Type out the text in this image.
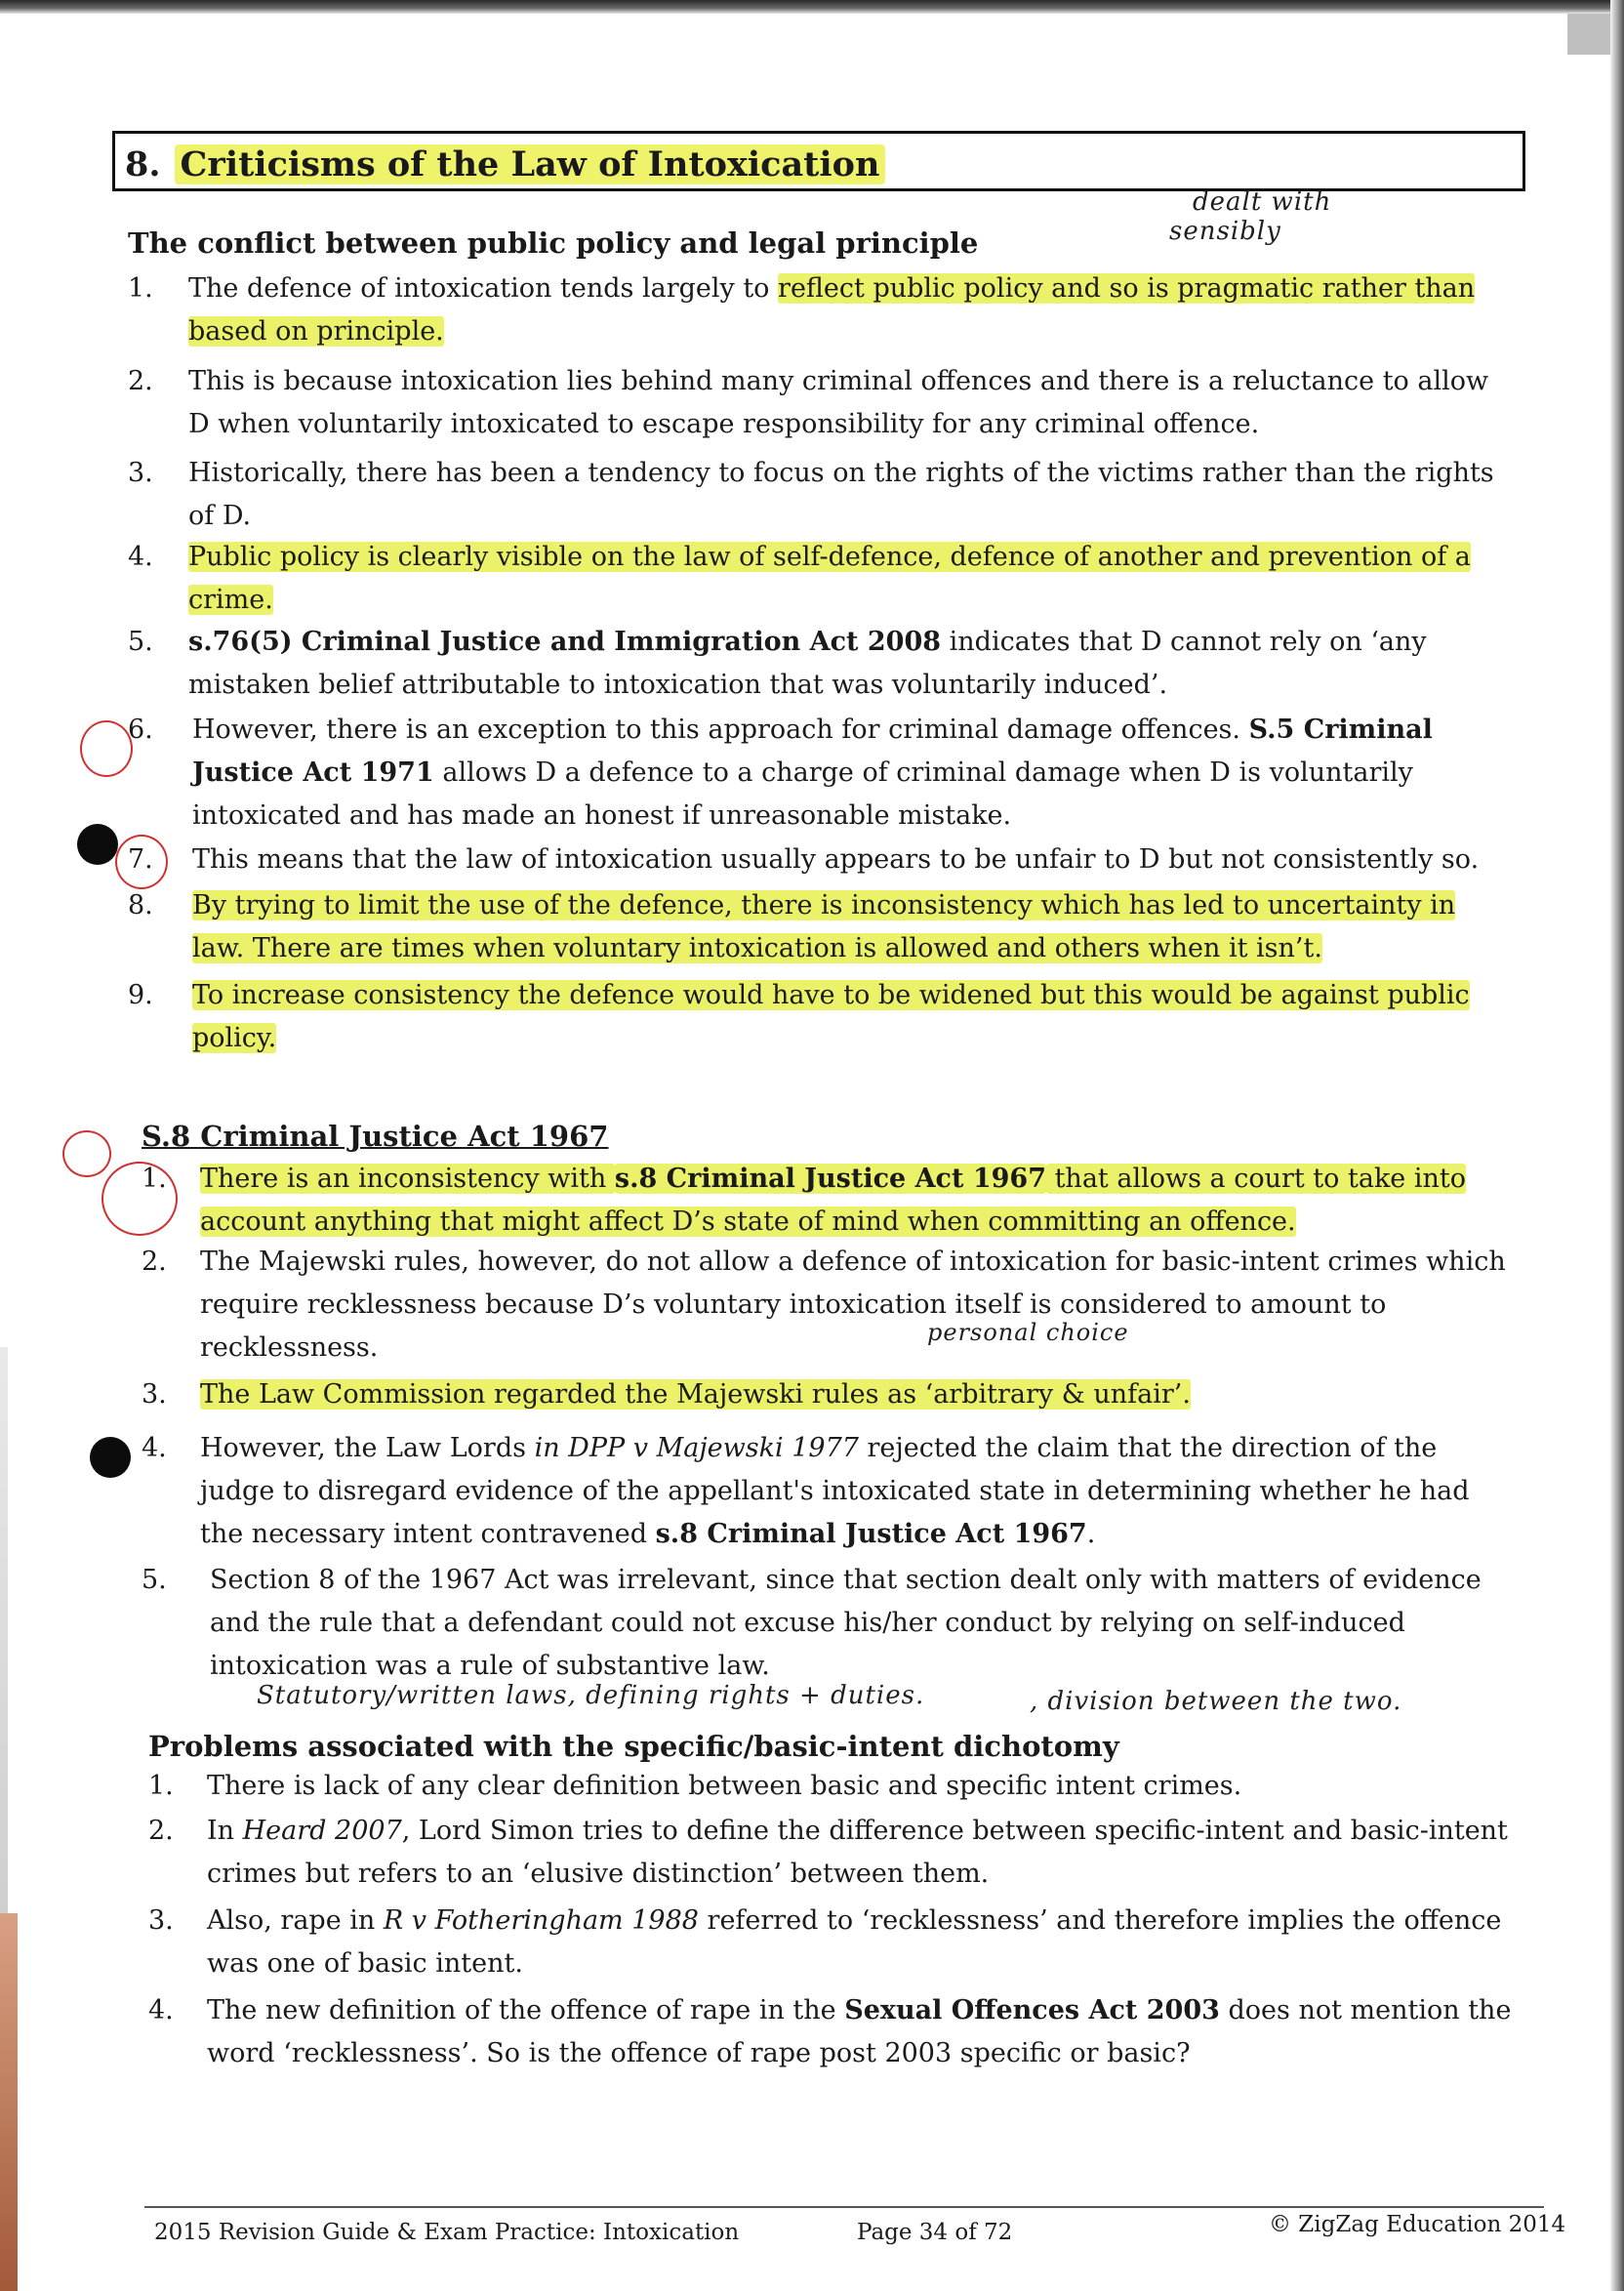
8. Criticisms of the Law of Intoxication
The conflict between public policy and legal principle
1. The defence of intoxication tends largely to reflect public policy and so is pragmatic rather than based on principle.
2. This is because intoxication lies behind many criminal offences and there is a reluctance to allow D when voluntarily intoxicated to escape responsibility for any criminal offence.
3. Historically, there has been a tendency to focus on the rights of the victims rather than the rights of D.
4. Public policy is clearly visible on the law of self-defence, defence of another and prevention of a crime.
5. s.76(5) Criminal Justice and Immigration Act 2008 indicates that D cannot rely on ‘any mistaken belief attributable to intoxication that was voluntarily induced’.
6. However, there is an exception to this approach for criminal damage offences. S.5 Criminal Justice Act 1971 allows D a defence to a charge of criminal damage when D is voluntarily intoxicated and has made an honest if unreasonable mistake.
7. This means that the law of intoxication usually appears to be unfair to D but not consistently so.
8. By trying to limit the use of the defence, there is inconsistency which has led to uncertainty in law. There are times when voluntary intoxication is allowed and others when it isn’t.
9. To increase consistency the defence would have to be widened but this would be against public policy.
S.8 Criminal Justice Act 1967
1. There is an inconsistency with s.8 Criminal Justice Act 1967 that allows a court to take into account anything that might affect D’s state of mind when committing an offence.
2. The Majewski rules, however, do not allow a defence of intoxication for basic-intent crimes which require recklessness because D’s voluntary intoxication itself is considered to amount to recklessness.
3. The Law Commission regarded the Majewski rules as ‘arbitrary & unfair’.
4. However, the Law Lords in DPP v Majewski 1977 rejected the claim that the direction of the judge to disregard evidence of the appellant's intoxicated state in determining whether he had the necessary intent contravened s.8 Criminal Justice Act 1967.
5. Section 8 of the 1967 Act was irrelevant, since that section dealt only with matters of evidence and the rule that a defendant could not excuse his/her conduct by relying on self-induced intoxication was a rule of substantive law.
Problems associated with the specific/basic-intent dichotomy
1. There is lack of any clear definition between basic and specific intent crimes.
2. In Heard 2007, Lord Simon tries to define the difference between specific-intent and basic-intent crimes but refers to an ‘elusive distinction’ between them.
3. Also, rape in R v Fotheringham 1988 referred to ‘recklessness’ and therefore implies the offence was one of basic intent.
4. The new definition of the offence of rape in the Sexual Offences Act 2003 does not mention the word ‘recklessness’. So is the offence of rape post 2003 specific or basic?
dealt with
sensibly
personal choice
Statutory/written laws, defining rights + duties.	, division between the two.
2015 Revision Guide & Exam Practice: Intoxication	Page 34 of 72	© ZigZag Education 2014
